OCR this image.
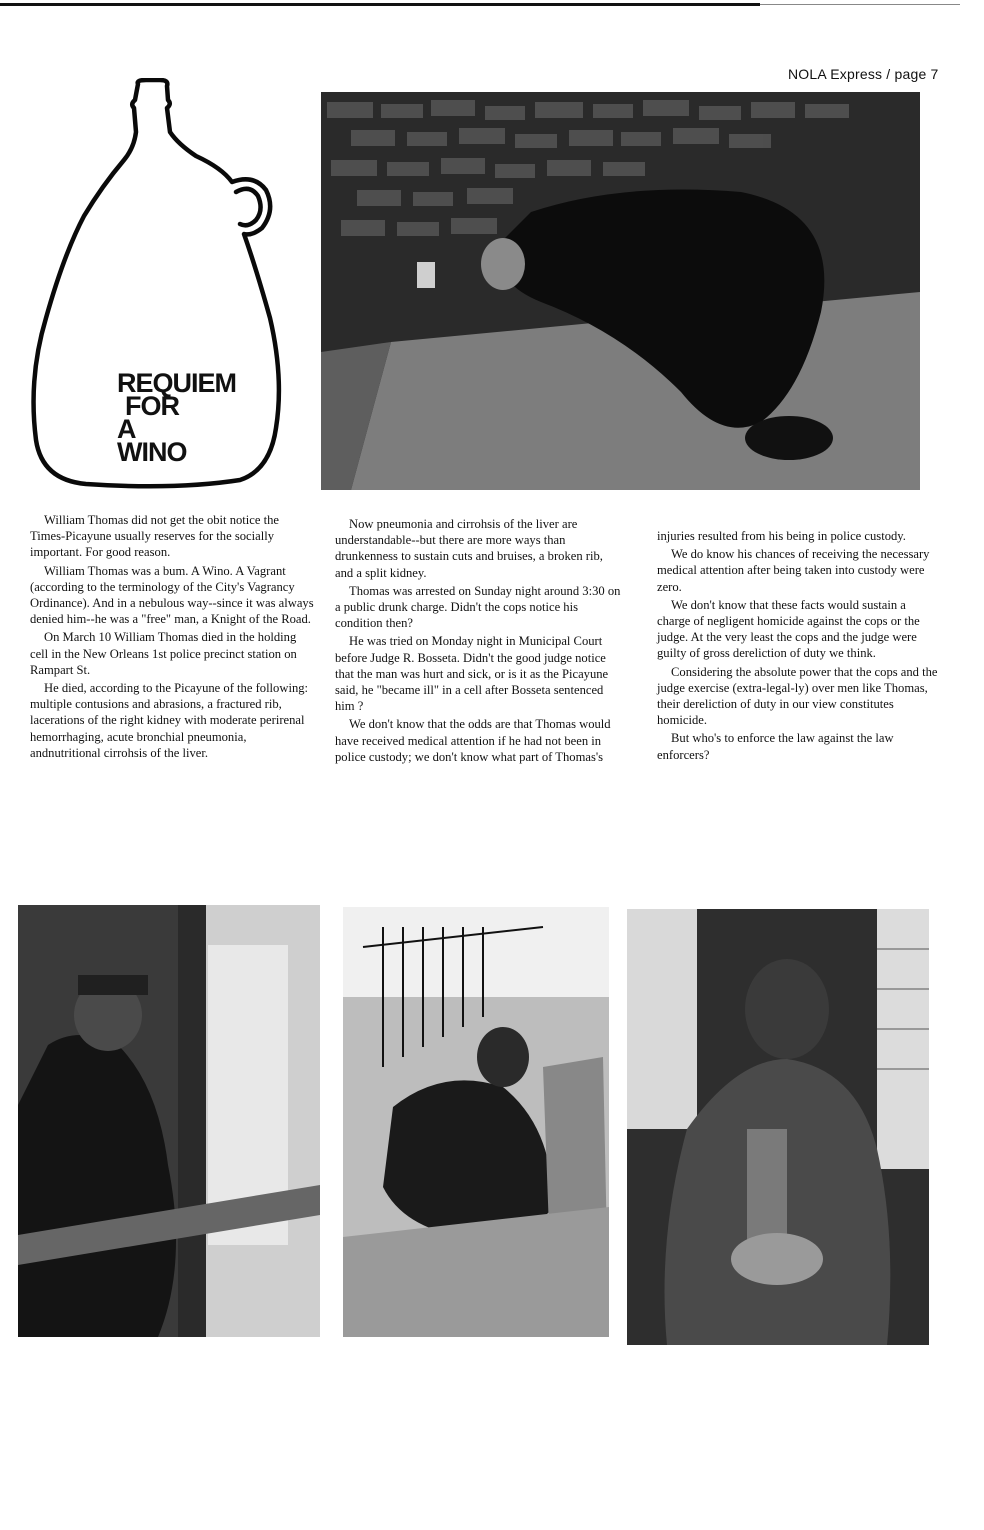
NOLA Express / page 7
REQUIEM
FOR
A
WINO

William Thomas did not get the obit notice the Times-Picayune usually reserves for the socially important. For good reason.

William Thomas was a bum. A Wino. A Vagrant (according to the terminology of the City's Vagrancy Ordinance). And in a nebulous way--since it was always denied him--he was a "free" man, a Knight of the Road.

On March 10 William Thomas died in the holding cell in the New Orleans 1st police precinct station on Rampart St.

He died, according to the Picayune of the following: multiple contusions and abrasions, a fractured rib, lacerations of the right kidney with moderate perirenal hemorrhaging, acute bronchial pneumonia, andnutritional cirrohsis of the liver.

Now pneumonia and cirrohsis of the liver are understandable--but there are more ways than drunkenness to sustain cuts and bruises, a broken rib, and a split kidney.

Thomas was arrested on Sunday night around 3:30 on a public drunk charge. Didn't the cops notice his condition then?

He was tried on Monday night in Municipal Court before Judge R. Bosseta. Didn't the good judge notice that the man was hurt and sick, or is it as the Picayune said, he "became ill" in a cell after Bosseta sentenced him ?

We don't know that the odds are that Thomas would have received medical attention if he had not been in police custody; we don't know what part of Thomas's

injuries resulted from his being in police custody.

We do know his chances of receiving the necessary medical attention after being taken into custody were zero.

We don't know that these facts would sustain a charge of negligent homicide against the cops or the judge. At the very least the cops and the judge were guilty of gross dereliction of duty we think.

Considering the absolute power that the cops and the judge exercise (extra-legal-ly) over men like Thomas, their dereliction of duty in our view constitutes homicide.

But who's to enforce the law against the law enforcers?
